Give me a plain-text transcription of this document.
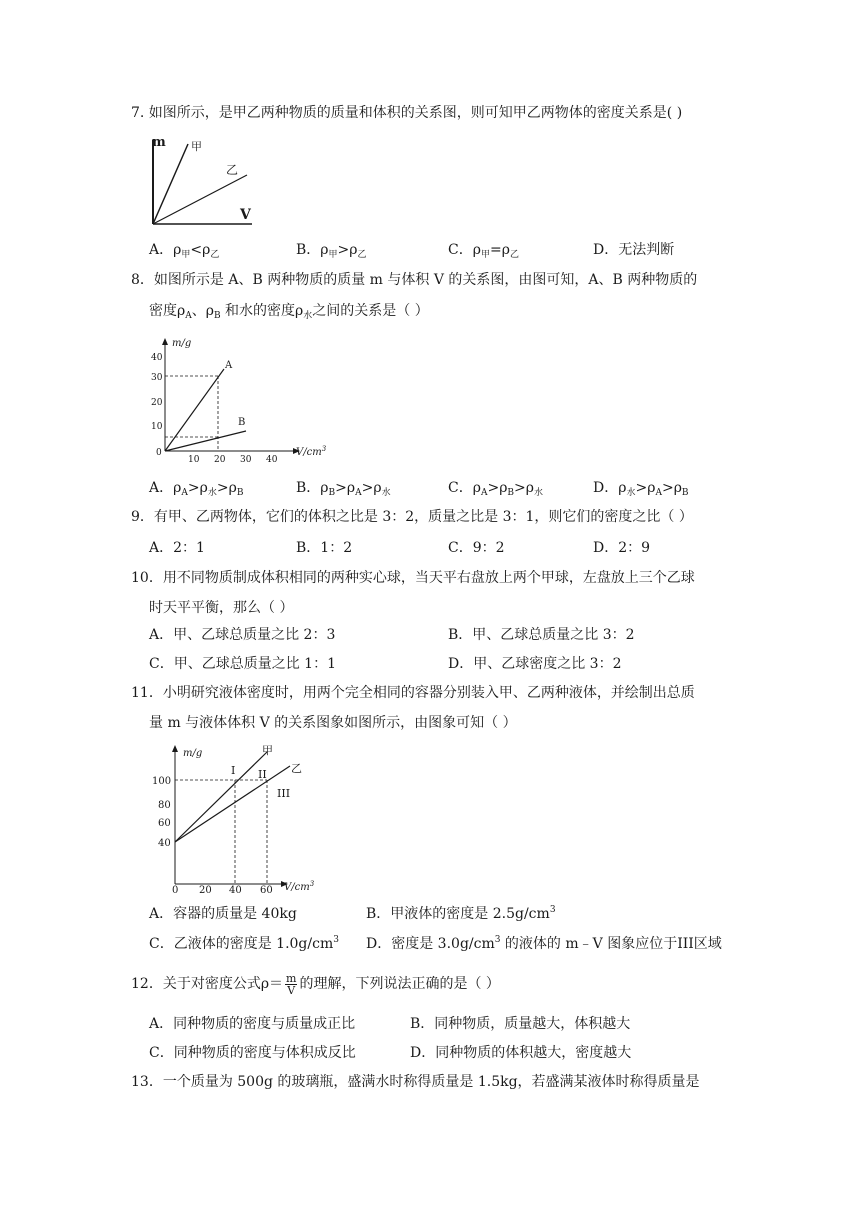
7. 如图所示，是甲乙两种物质的质量和体积的关系图，则可知甲乙两物体的密度关系是( )
m 甲
乙
V
A．$\rho_甲<\rho_乙$	B．$\rho_甲>\rho_乙$	C．$\rho_甲=\rho_乙$	D．无法判断
8．如图所示是 A、B 两种物质的质量 m 与体积 V 的关系图，由图可知，A、B 两种物质的
密度$\rho_A$、$\rho_B$ 和水的密度$\rho_水$之间的关系是（ ）
m/g
40
30
20
10
0
10 20 30 40
$V/cm^3$
A
B
A．$\rho_A>\rho_水>\rho_B$	B．$\rho_B>\rho_A>\rho_水$	C．$\rho_A>\rho_B>\rho_水$	D．$\rho_水>\rho_A>\rho_B$
9．有甲、乙两物体，它们的体积之比是 3：2，质量之比是 3：1，则它们的密度之比（ ）
A．2：1	B．1：2	C．9：2	D．2：9
10．用不同物质制成体积相同的两种实心球，当天平右盘放上两个甲球，左盘放上三个乙球
时天平平衡，那么（ ）
A．甲、乙球总质量之比 2：3	B．甲、乙球总质量之比 3：2
C．甲、乙球总质量之比 1：1	D．甲、乙球密度之比 3：2
11．小明研究液体密度时，用两个完全相同的容器分别装入甲、乙两种液体，并绘制出总质
量 m 与液体体积 V 的关系图象如图所示，由图象可知（ ）
m/g
100
80
60
40
0 20 40 60 $V/cm^3$
甲
乙
I II
III
A．容器的质量是 40kg	B．甲液体的密度是 $2.5g/cm^3$
C．乙液体的密度是 $1.0g/cm^3$ D．密度是 $3.0g/cm^3$ 的液体的 m﹣V 图象应位于III区域
12．关于对密度公式$\rho= \frac{m}{V}$ 的理解，下列说法正确的是（ ）
A．同种物质的密度与质量成正比	B．同种物质，质量越大，体积越大
C．同种物质的密度与体积成反比	D．同种物质的体积越大，密度越大
13．一个质量为 500g 的玻璃瓶，盛满水时称得质量是 1.5kg，若盛满某液体时称得质量是
